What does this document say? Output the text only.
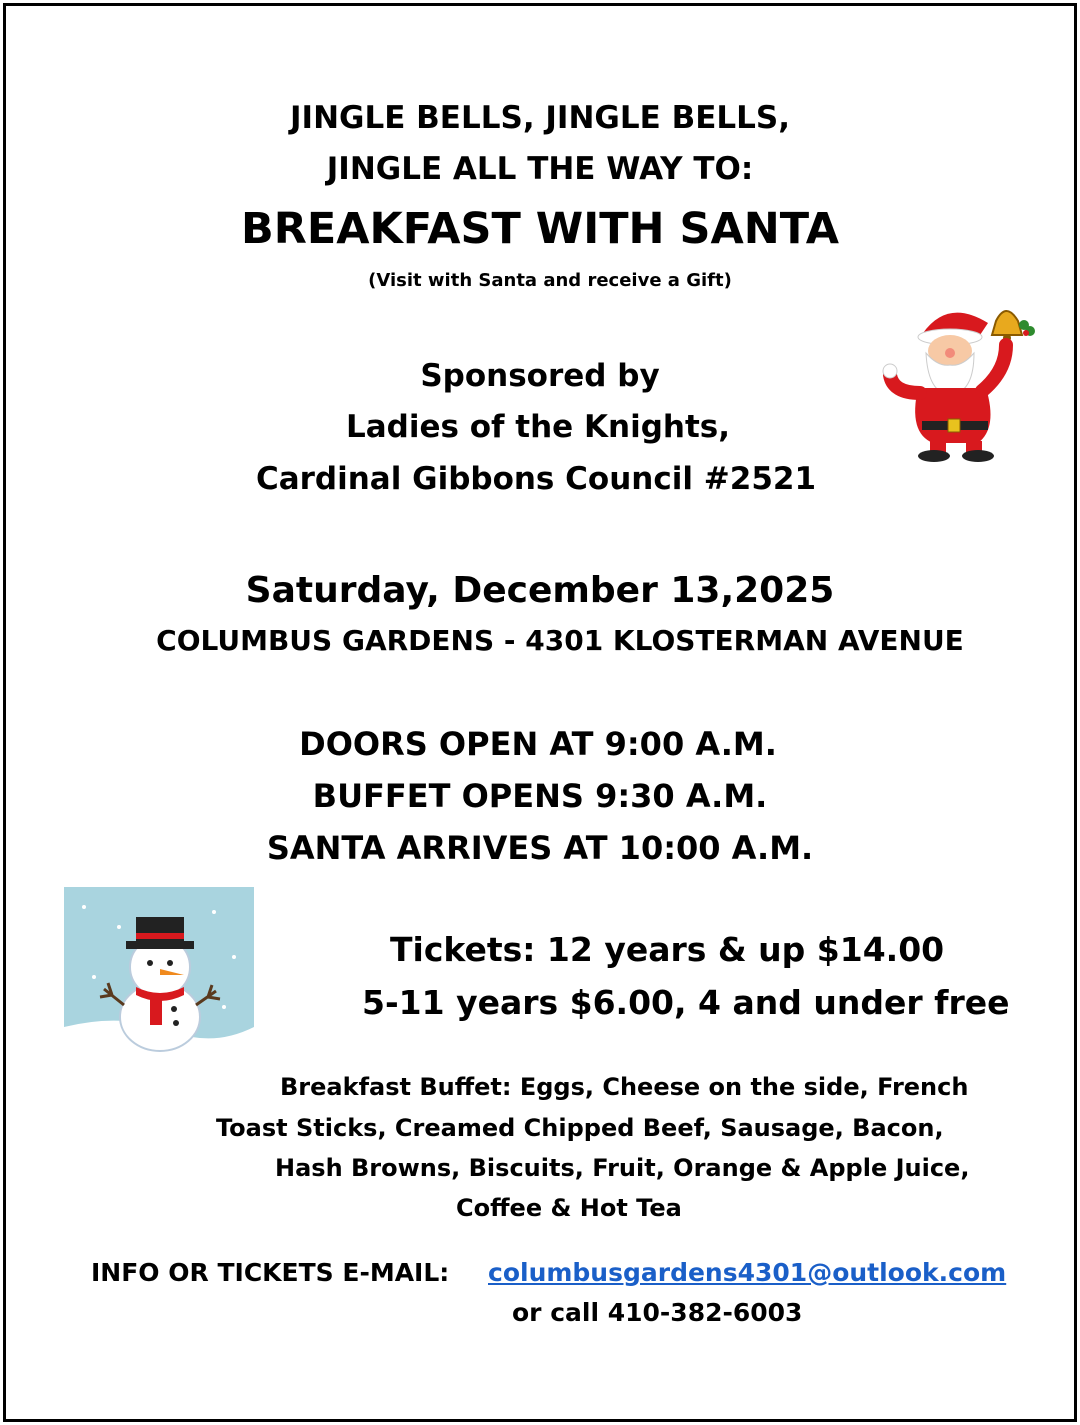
JINGLE BELLS, JINGLE BELLS,
JINGLE ALL THE WAY TO:
BREAKFAST WITH SANTA
(Visit with Santa and receive a Gift)
Sponsored by
Ladies of the Knights,
Cardinal Gibbons Council #2521
Saturday, December 13,2025
COLUMBUS GARDENS - 4301 KLOSTERMAN AVENUE
DOORS OPEN AT 9:00 A.M.
BUFFET OPENS 9:30 A.M.
SANTA ARRIVES AT 10:00 A.M.
Tickets: 12 years & up $14.00
5-11 years $6.00, 4 and under free
Breakfast Buffet: Eggs, Cheese on the side, French
Toast Sticks, Creamed Chipped Beef, Sausage, Bacon,
Hash Browns, Biscuits, Fruit, Orange & Apple Juice,
Coffee & Hot Tea
INFO OR TICKETS E-MAIL: columbusgardens4301@outlook.com
or call 410-382-6003
